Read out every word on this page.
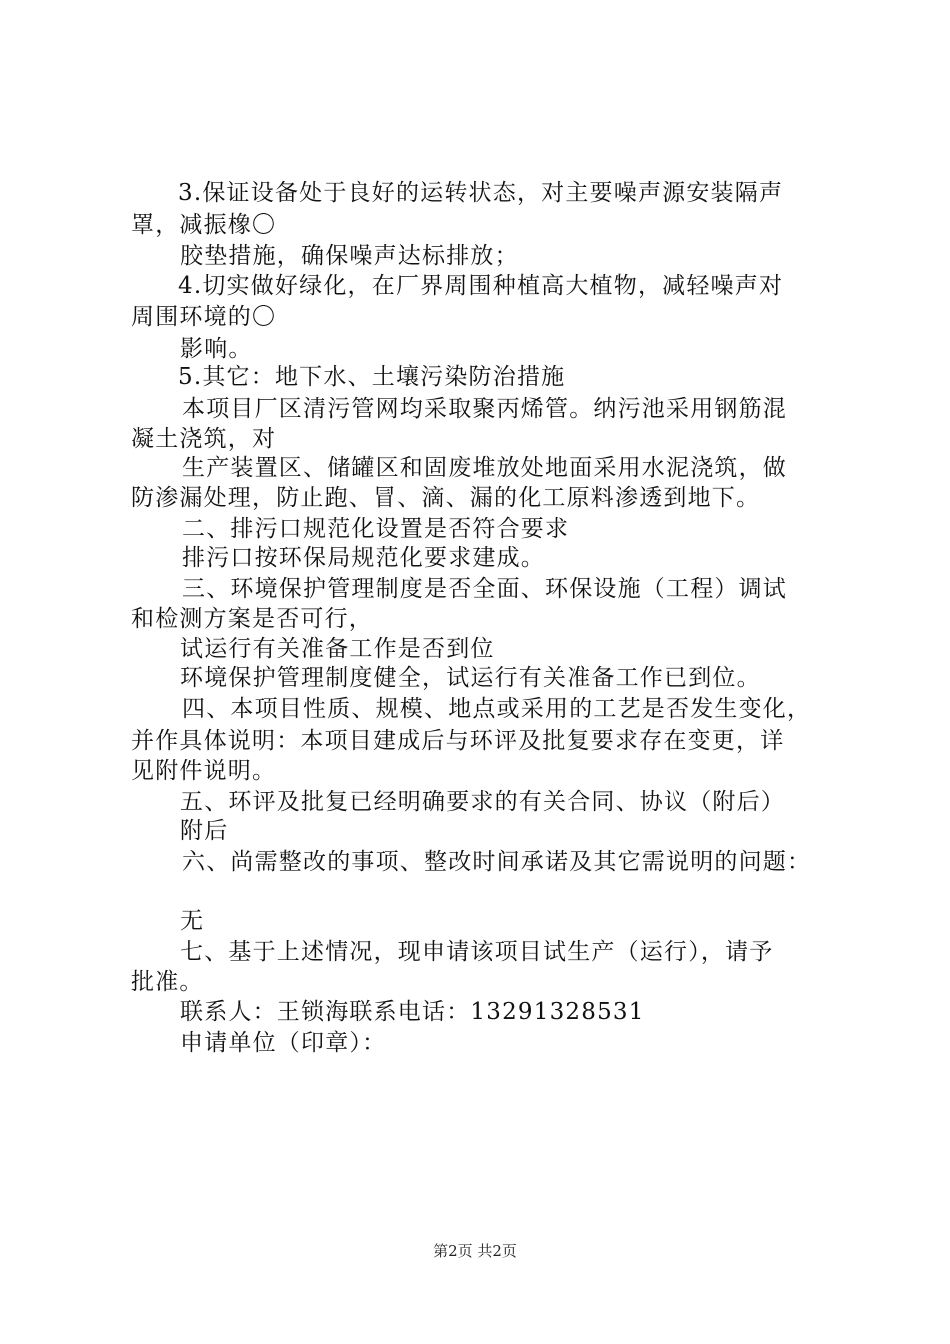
3.保证设备处于良好的运转状态，对主要噪声源安装隔声
罩，减振橡〇
胶垫措施，确保噪声达标排放；
4.切实做好绿化，在厂界周围种植高大植物，减轻噪声对
周围环境的〇
影响。
5.其它：地下水、土壤污染防治措施
本项目厂区清污管网均采取聚丙烯管。纳污池采用钢筋混
凝土浇筑，对
生产装置区、储罐区和固废堆放处地面采用水泥浇筑，做
防渗漏处理，防止跑、冒、滴、漏的化工原料渗透到地下。
二、排污口规范化设置是否符合要求
排污口按环保局规范化要求建成。
三、环境保护管理制度是否全面、环保设施（工程）调试
和检测方案是否可行，
试运行有关准备工作是否到位
环境保护管理制度健全，试运行有关准备工作已到位。
四、本项目性质、规模、地点或采用的工艺是否发生变化，
并作具体说明：本项目建成后与环评及批复要求存在变更，详
见附件说明。
五、环评及批复已经明确要求的有关合同、协议（附后）
附后
六、尚需整改的事项、整改时间承诺及其它需说明的问题：
无
七、基于上述情况，现申请该项目试生产（运行），请予
批准。
联系人：王锁海联系电话：13291328531
申请单位（印章）：
第2页 共2页
